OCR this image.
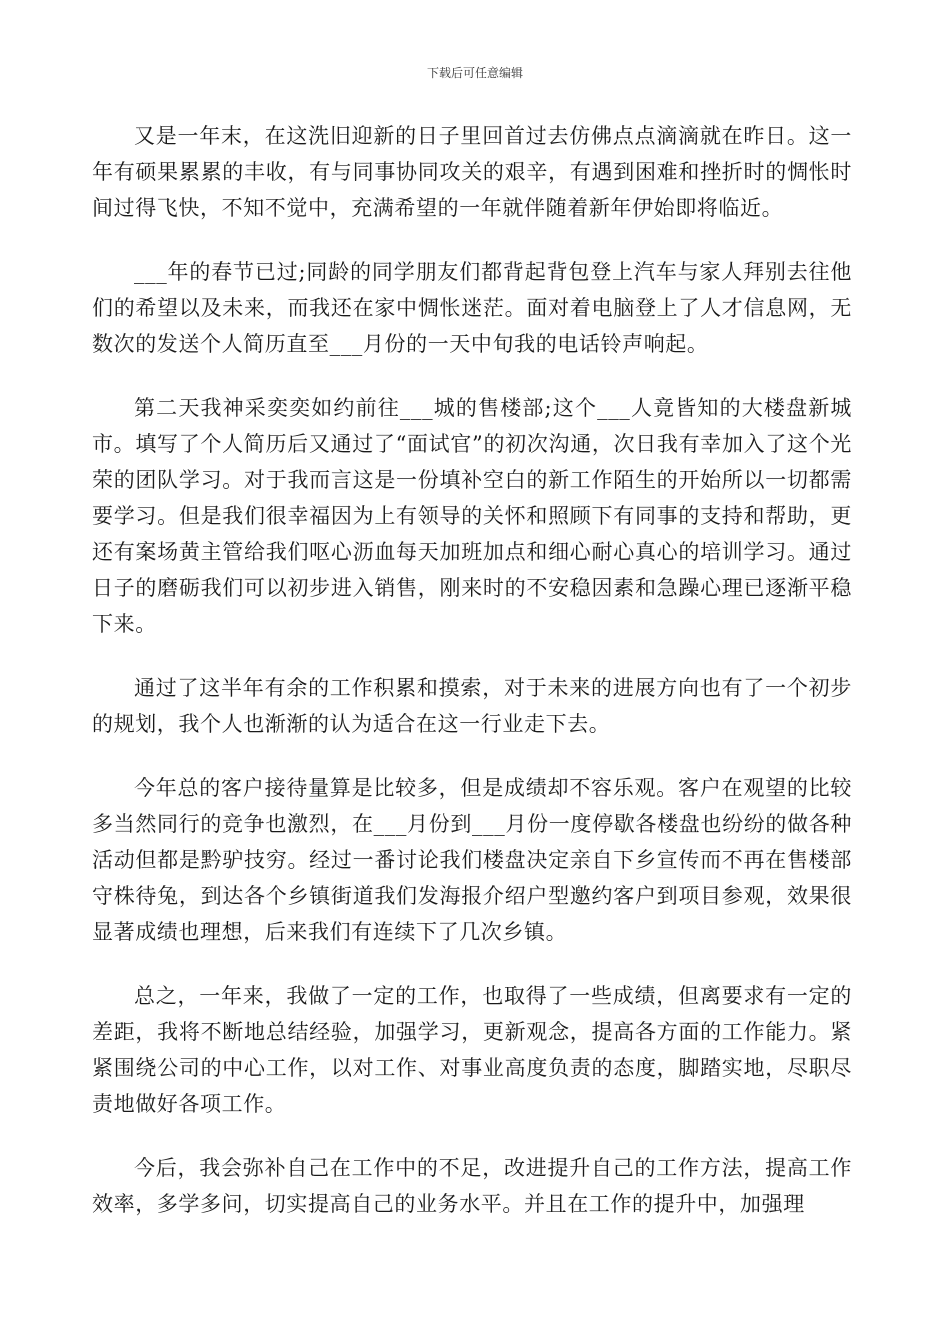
下载后可任意编辑

又是一年末，在这洗旧迎新的日子里回首过去仿佛点点滴滴就在昨日。这一年有硕果累累的丰收，有与同事协同攻关的艰辛，有遇到困难和挫折时的惆怅时间过得飞快，不知不觉中，充满希望的一年就伴随着新年伊始即将临近。

___年的春节已过;同龄的同学朋友们都背起背包登上汽车与家人拜别去往他们的希望以及未来，而我还在家中惆怅迷茫。面对着电脑登上了人才信息网，无数次的发送个人简历直至___月份的一天中旬我的电话铃声响起。

第二天我神采奕奕如约前往___城的售楼部;这个___人竟皆知的大楼盘新城市。填写了个人简历后又通过了“面试官”的初次沟通，次日我有幸加入了这个光荣的团队学习。对于我而言这是一份填补空白的新工作陌生的开始所以一切都需要学习。但是我们很幸福因为上有领导的关怀和照顾下有同事的支持和帮助，更还有案场黄主管给我们呕心沥血每天加班加点和细心耐心真心的培训学习。通过日子的磨砺我们可以初步进入销售，刚来时的不安稳因素和急躁心理已逐渐平稳下来。

通过了这半年有余的工作积累和摸索，对于未来的进展方向也有了一个初步的规划，我个人也渐渐的认为适合在这一行业走下去。

今年总的客户接待量算是比较多，但是成绩却不容乐观。客户在观望的比较多当然同行的竞争也激烈，在___月份到___月份一度停歇各楼盘也纷纷的做各种活动但都是黔驴技穷。经过一番讨论我们楼盘决定亲自下乡宣传而不再在售楼部守株待兔，到达各个乡镇街道我们发海报介绍户型邀约客户到项目参观，效果很显著成绩也理想，后来我们有连续下了几次乡镇。

总之，一年来，我做了一定的工作，也取得了一些成绩，但离要求有一定的差距，我将不断地总结经验，加强学习，更新观念，提高各方面的工作能力。紧紧围绕公司的中心工作，以对工作、对事业高度负责的态度，脚踏实地，尽职尽责地做好各项工作。

今后，我会弥补自己在工作中的不足，改进提升自己的工作方法，提高工作效率，多学多问，切实提高自己的业务水平。并且在工作的提升中，加强理
